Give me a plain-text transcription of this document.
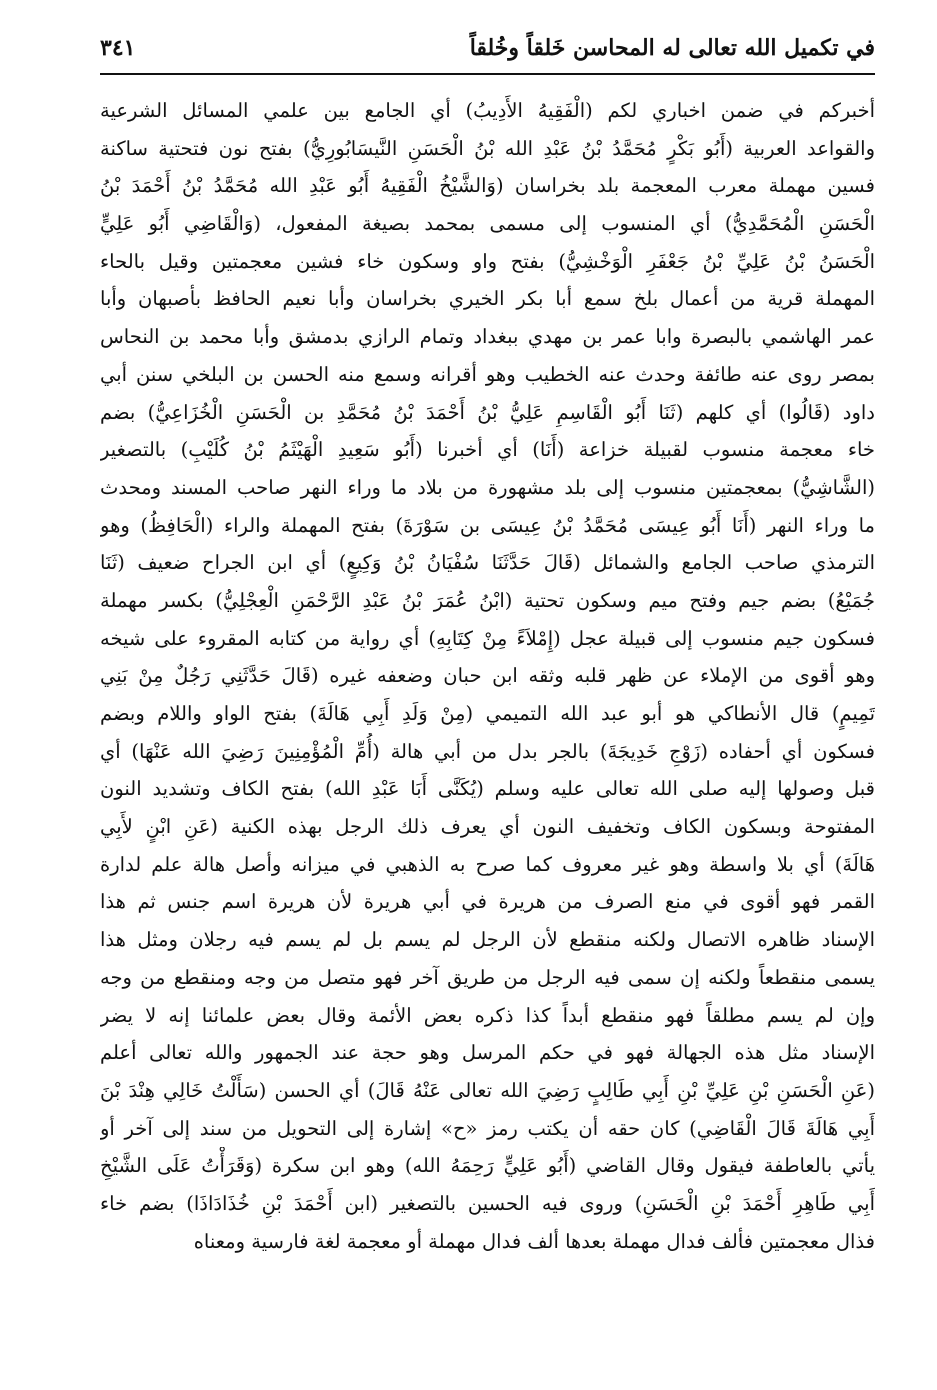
في تكميل الله تعالى له المحاسن خَلقاً وخُلقاً
٣٤١
أخبركم في ضمن اخباري لكم (الْفَقِيهُ الأَدِيبُ) أي الجامع بين علمي المسائل الشرعية
والقواعد العربية (أَبُو بَكْرٍ مُحَمَّدُ بْنُ عَبْدِ الله بْنُ الْحَسَنِ النَّيسَابُورِيُّ) بفتح نون فتحتية ساكنة
فسين مهملة معرب المعجمة بلد بخراسان (وَالشَّيْخُ الْفَقِيهُ أَبُو عَبْدِ الله مُحَمَّدُ بْنُ أَحْمَدَ بْنُ
الْحَسَنِ الْمُحَمَّدِيُّ) أي المنسوب إلى مسمى بمحمد بصيغة المفعول، (وَالْقَاضِي أَبُو عَلِيٍّ
الْحَسَنُ بْنُ عَلِيِّ بْنُ جَعْفَرِ الْوَخْشِيُّ) بفتح واو وسكون خاء فشين معجمتين وقيل بالحاء
المهملة قرية من أعمال بلخ سمع أبا بكر الخيري بخراسان وأبا نعيم الحافظ بأصبهان وأبا
عمر الهاشمي بالبصرة وابا عمر بن مهدي ببغداد وتمام الرازي بدمشق وأبا محمد بن النحاس
بمصر روى عنه طائفة وحدث عنه الخطيب وهو أقرانه وسمع منه الحسن بن البلخي سنن أبي
داود (قَالُوا) أي كلهم (ثَنَا أَبُو الْقَاسِمِ عَلِيُّ بْنُ أَحْمَدَ بْنُ مُحَمَّدِ بن الْحَسَنِ الْخُزَاعِيُّ) بضم
خاء معجمة منسوب لقبيلة خزاعة (أَنَا) أي أخبرنا (أَبُو سَعِيدِ الْهَيْثَمُ بْنُ كُلَيْبِ) بالتصغير
(الشَّاشِيُّ) بمعجمتين منسوب إلى بلد مشهورة من بلاد ما وراء النهر صاحب المسند ومحدث
ما وراء النهر (أَنَا أَبُو عِيسَى مُحَمَّدُ بْنُ عِيسَى بن سَوْرَةَ) بفتح المهملة والراء (الْحَافِظُ) وهو
الترمذي صاحب الجامع والشمائل (قَالَ حَدَّثَنَا سُفْيَانُ بْنُ وَكِيعٍ) أي ابن الجراح ضعيف (ثَنَا
جُمَيْعُ) بضم جيم وفتح ميم وسكون تحتية (ابْنُ عُمَرَ بْنُ عَبْدِ الرَّحْمَنِ الْعِجْلِيُّ) بكسر مهملة
فسكون جيم منسوب إلى قبيلة عجل (إِمْلاَءً مِنْ كِتَابِهِ) أي رواية من كتابه المقروء على شيخه
وهو أقوى من الإملاء عن ظهر قلبه وثقه ابن حبان وضعفه غيره (قَالَ حَدَّثَنِي رَجُلٌ مِنْ بَنِي
تَمِيمٍ) قال الأنطاكي هو أبو عبد الله التميمي (مِنْ وَلَدِ أَبِي هَالَةَ) بفتح الواو واللام وبضم
فسكون أي أحفاده (زَوْجِ خَدِيجَةَ) بالجر بدل من أبي هالة (أُمِّ الْمُؤْمِنِينَ رَضِيَ الله عَنْهَا) أي
قبل وصولها إليه صلى الله تعالى عليه وسلم (يُكَنَّى أَبَا عَبْدِ الله) بفتح الكاف وتشديد النون
المفتوحة وبسكون الكاف وتخفيف النون أي يعرف ذلك الرجل بهذه الكنية (عَنِ ابْنٍ لأَبِي
هَالَةَ) أي بلا واسطة وهو غير معروف كما صرح به الذهبي في ميزانه وأصل هالة علم لدارة
القمر فهو أقوى في منع الصرف من هريرة في أبي هريرة لأن هريرة اسم جنس ثم هذا
الإسناد ظاهره الاتصال ولكنه منقطع لأن الرجل لم يسم بل لم يسم فيه رجلان ومثل هذا
يسمى منقطعاً ولكنه إن سمى فيه الرجل من طريق آخر فهو متصل من وجه ومنقطع من وجه
وإن لم يسم مطلقاً فهو منقطع أبداً كذا ذكره بعض الأئمة وقال بعض علمائنا إنه لا يضر
الإسناد مثل هذه الجهالة فهو في حكم المرسل وهو حجة عند الجمهور والله تعالى أعلم
(عَنِ الْحَسَنِ بْنِ عَلِيِّ بْنِ أَبِي طَالِبٍ رَضِيَ الله تعالى عَنْهُ قَالَ) أي الحسن (سَأَلْتُ خَالِي هِنْدَ بْنَ
أَبِي هَالَةَ قَالَ الْقَاضِي) كان حقه أن يكتب رمز «ح» إشارة إلى التحويل من سند إلى آخر أو
يأتي بالعاطفة فيقول وقال القاضي (أَبُو عَلِيٍّ رَحِمَهُ الله) وهو ابن سكرة (وَقَرَأْتُ عَلَى الشَّيْخِ
أَبِي طَاهِرِ أَحْمَدَ بْنِ الْحَسَنِ) وروى فيه الحسين بالتصغير (ابن أَحْمَدَ بْنِ خُذَادَاذَا) بضم خاء
فذال معجمتين فألف فدال مهملة بعدها ألف فدال مهملة أو معجمة لغة فارسية ومعناه
